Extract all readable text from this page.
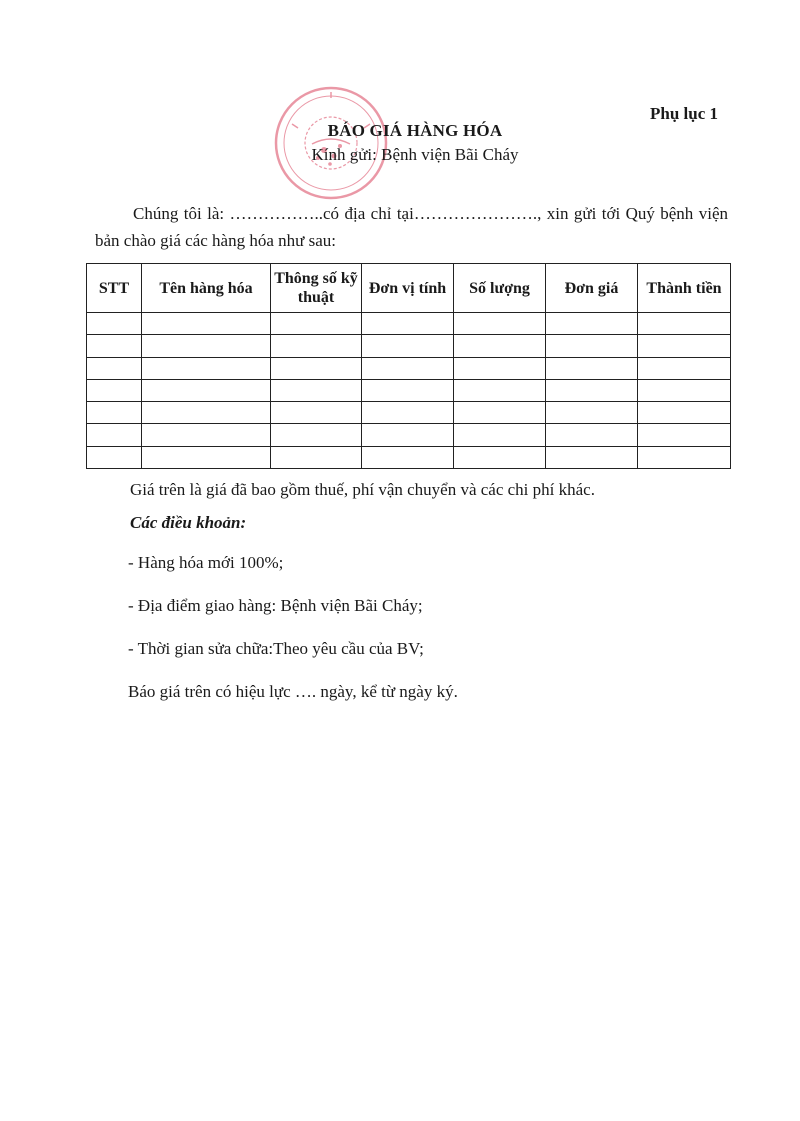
Phụ lục 1
BÁO GIÁ HÀNG HÓA
Kính gửi: Bệnh viện Bãi Cháy
Chúng tôi là: ……………..có địa chỉ tại…………………., xin gửi tới Quý bệnh viện bản chào giá các hàng hóa như sau:
STT	Tên hàng hóa	Thông số kỹ thuật	Đơn vị tính	Số lượng	Đơn giá	Thành tiền

Giá trên là giá đã bao gồm thuế, phí vận chuyển và các chi phí khác.
Các điều khoản:
- Hàng hóa mới 100%;
- Địa điểm giao hàng: Bệnh viện Bãi Cháy;
- Thời gian sửa chữa:Theo yêu cầu của BV;
Báo giá trên có hiệu lực …. ngày, kể từ ngày ký.
